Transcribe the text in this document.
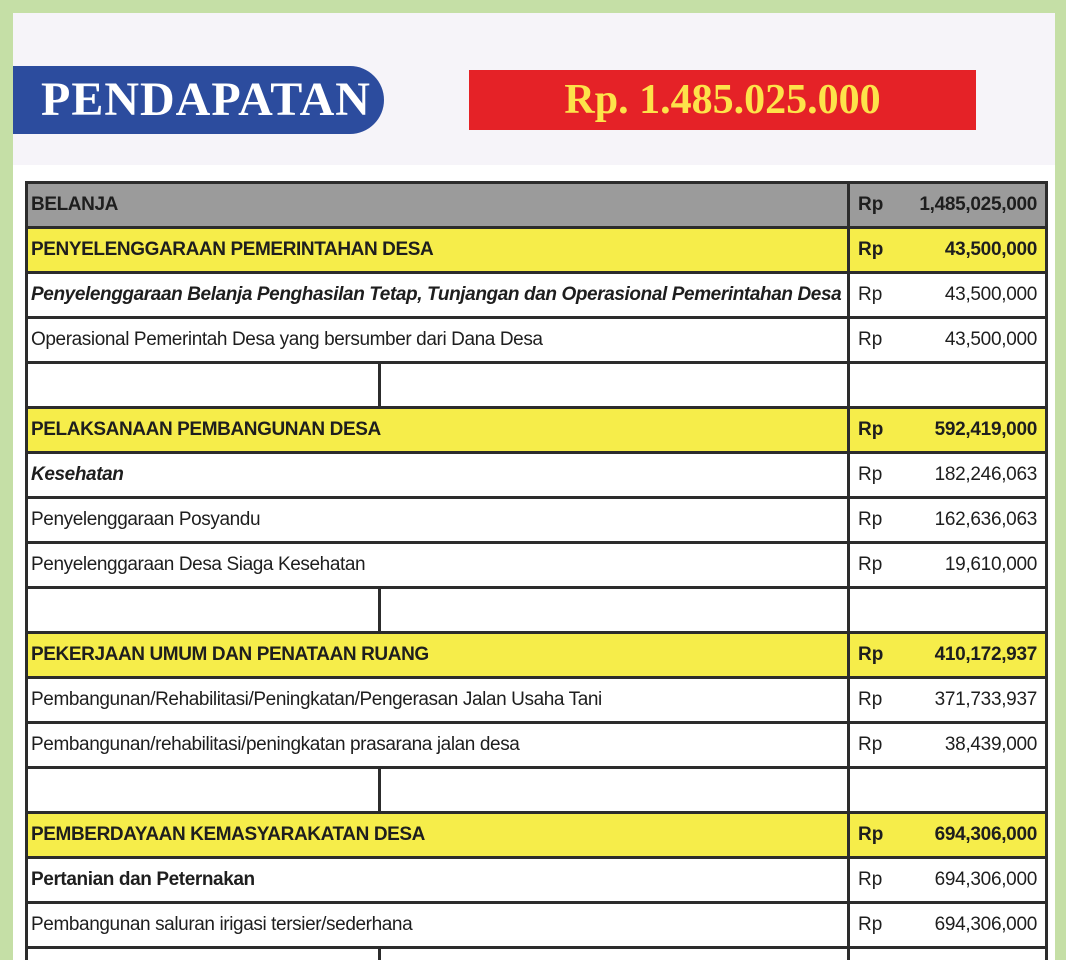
PENDAPATAN	Rp. 1.485.025.000
BELANJA	Rp	1,485,025,000
PENYELENGGARAAN PEMERINTAHAN DESA	Rp	43,500,000
Penyelenggaraan Belanja Penghasilan Tetap, Tunjangan dan Operasional Pemerintahan Desa Rp	43,500,000
Operasional Pemerintah Desa yang bersumber dari Dana Desa	Rp	43,500,000
PELAKSANAAN PEMBANGUNAN DESA	Rp	592,419,000
Kesehatan	Rp	182,246,063
Penyelenggaraan Posyandu	Rp	162,636,063
Penyelenggaraan Desa Siaga Kesehatan	Rp	19,610,000
PEKERJAAN UMUM DAN PENATAAN RUANG	Rp	410,172,937
Pembangunan/Rehabilitasi/Peningkatan/Pengerasan Jalan Usaha Tani	Rp	371,733,937
Pembangunan/rehabilitasi/peningkatan prasarana jalan desa	Rp	38,439,000
PEMBERDAYAAN KEMASYARAKATAN DESA	Rp	694,306,000
Pertanian dan Peternakan	Rp	694,306,000
Pembangunan saluran irigasi tersier/sederhana	Rp	694,306,000
